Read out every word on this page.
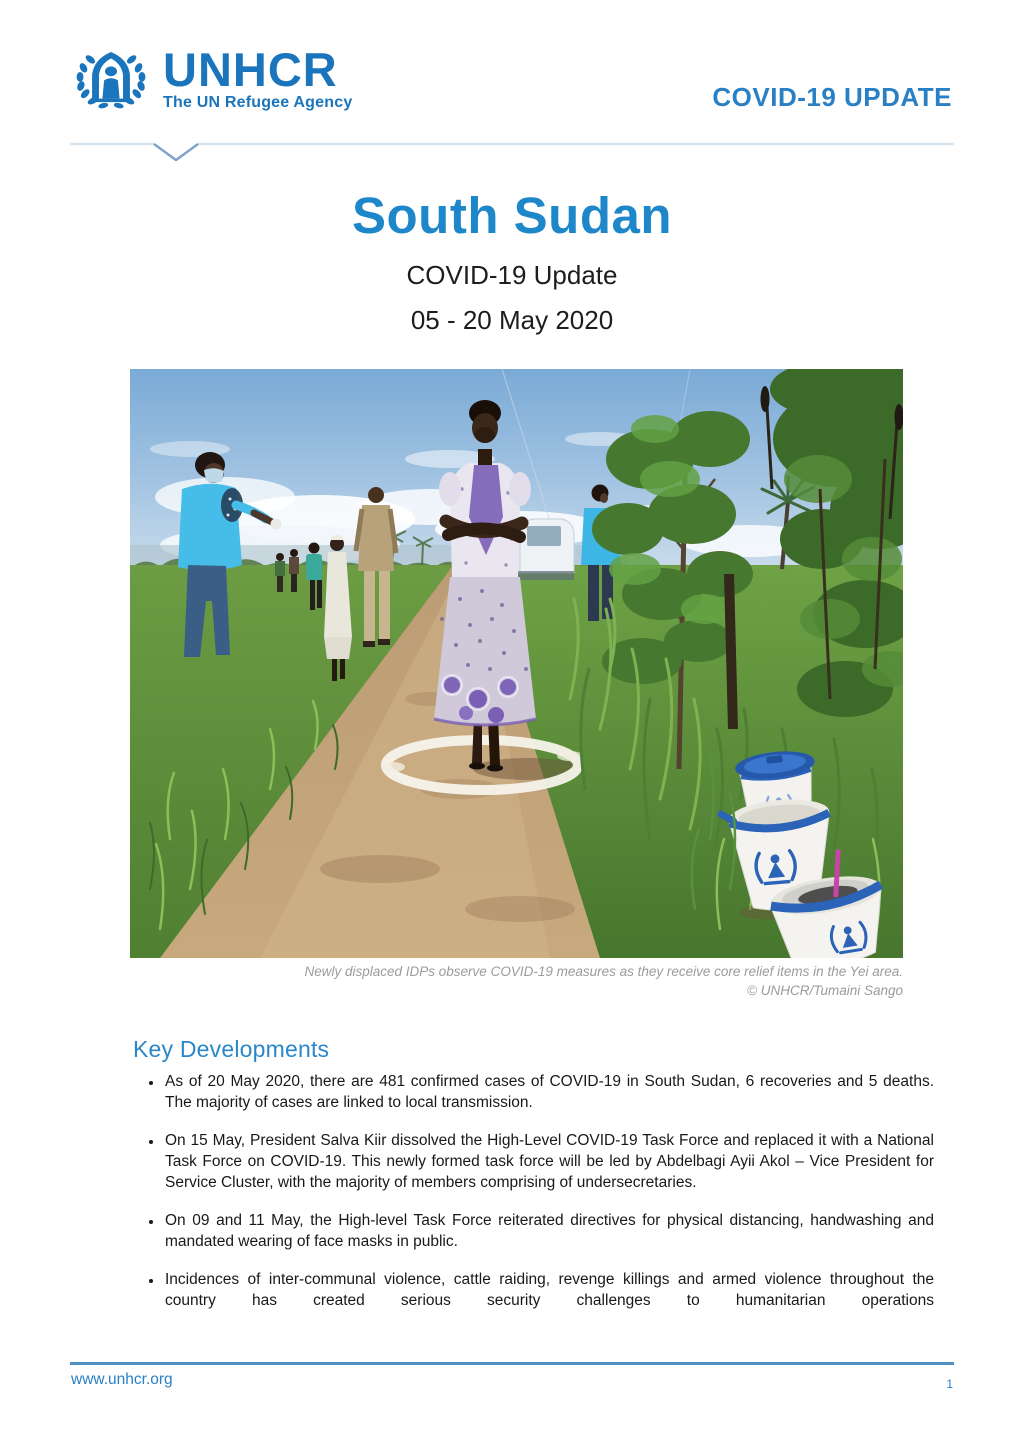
UNHCR
The UN Refugee Agency	COVID-19 UPDATE
South Sudan

COVID-19 Update

05 - 20 May 2020

Newly displaced IDPs observe COVID-19 measures as they receive core relief items in the Yei area.
© UNHCR/Tumaini Sango
Key Developments
• As of 20 May 2020, there are 481 confirmed cases of COVID-19 in South Sudan, 6 recoveries and 5 deaths. The majority of cases are linked to local transmission.
• On 15 May, President Salva Kiir dissolved the High-Level COVID-19 Task Force and replaced it with a National Task Force on COVID-19. This newly formed task force will be led by Abdelbagi Ayii Akol – Vice President for Service Cluster, with the majority of members comprising of undersecretaries.
• On 09 and 11 May, the High-level Task Force reiterated directives for physical distancing, handwashing and mandated wearing of face masks in public.
• Incidences of inter-communal violence, cattle raiding, revenge killings and armed violence throughout the country has created serious security challenges to humanitarian operations
www.unhcr.org	1
